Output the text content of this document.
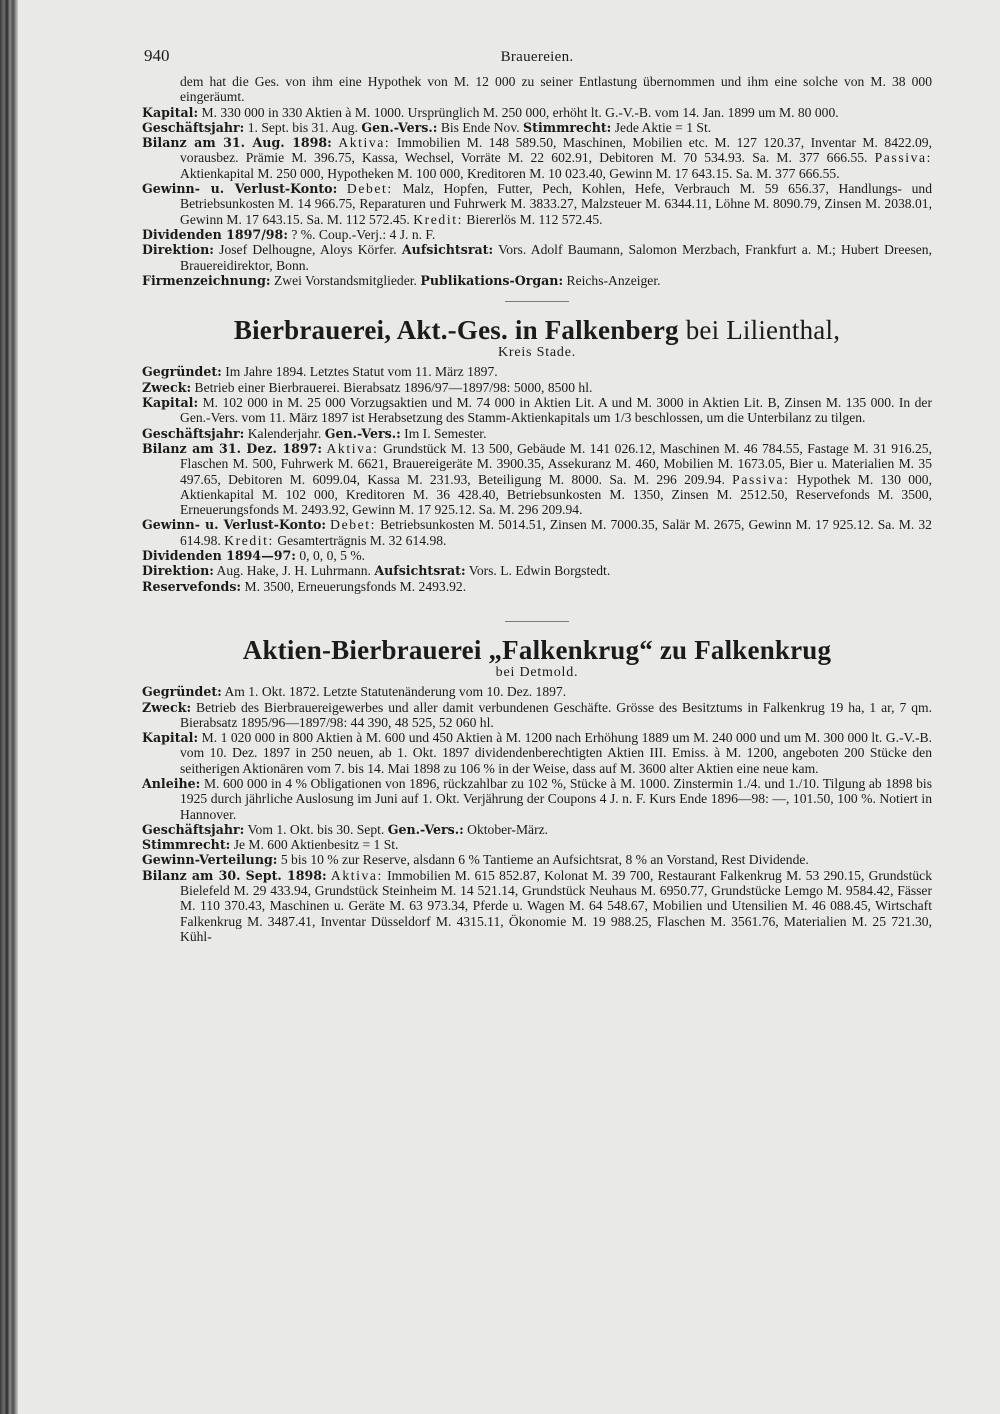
940	Brauereien.

dem hat die Ges. von ihm eine Hypothek von M. 12 000 zu seiner Entlastung übernommen und ihm eine solche von M. 38 000 eingeräumt.

Kapital: M. 330 000 in 330 Aktien à M. 1000. Ursprünglich M. 250 000, erhöht lt. G.-V.-B. vom 14. Jan. 1899 um M. 80 000.

Geschäftsjahr: 1. Sept. bis 31. Aug. Gen.-Vers.: Bis Ende Nov. Stimmrecht: Jede Aktie = 1 St.

Bilanz am 31. Aug. 1898: Aktiva: Immobilien M. 148 589.50, Maschinen, Mobilien etc. M. 127 120.37, Inventar M. 8422.09, vorausbez. Prämie M. 396.75, Kassa, Wechsel, Vorräte M. 22 602.91, Debitoren M. 70 534.93. Sa. M. 377 666.55. Passiva: Aktienkapital M. 250 000, Hypotheken M. 100 000, Kreditoren M. 10 023.40, Gewinn M. 17 643.15. Sa. M. 377 666.55.

Gewinn- u. Verlust-Konto: Debet: Malz, Hopfen, Futter, Pech, Kohlen, Hefe, Verbrauch M. 59 656.37, Handlungs- und Betriebsunkosten M. 14 966.75, Reparaturen und Fuhrwerk M. 3833.27, Malzsteuer M. 6344.11, Löhne M. 8090.79, Zinsen M. 2038.01, Gewinn M. 17 643.15. Sa. M. 112 572.45. Kredit: Biererlös M. 112 572.45.

Dividenden 1897/98: ? %. Coup.-Verj.: 4 J. n. F.

Direktion: Josef Delhougne, Aloys Körfer. Aufsichtsrat: Vors. Adolf Baumann, Salomon Merzbach, Frankfurt a. M.; Hubert Dreesen, Brauereidirektor, Bonn.

Firmenzeichnung: Zwei Vorstandsmitglieder. Publikations-Organ: Reichs-Anzeiger.

Bierbrauerei, Akt.-Ges. in Falkenberg bei Lilienthal,

Kreis Stade.

Gegründet: Im Jahre 1894. Letztes Statut vom 11. März 1897.

Zweck: Betrieb einer Bierbrauerei. Bierabsatz 1896/97—1897/98: 5000, 8500 hl.

Kapital: M. 102 000 in M. 25 000 Vorzugsaktien und M. 74 000 in Aktien Lit. A und M. 3000 in Aktien Lit. B, Zinsen M. 135 000. In der Gen.-Vers. vom 11. März 1897 ist Herabsetzung des Stamm-Aktienkapitals um 1/3 beschlossen, um die Unterbilanz zu tilgen.

Geschäftsjahr: Kalenderjahr. Gen.-Vers.: Im I. Semester.

Bilanz am 31. Dez. 1897: Aktiva: Grundstück M. 13 500, Gebäude M. 141 026.12, Maschinen M. 46 784.55, Fastage M. 31 916.25, Flaschen M. 500, Fuhrwerk M. 6621, Brauereigeräte M. 3900.35, Assekuranz M. 460, Mobilien M. 1673.05, Bier u. Materialien M. 35 497.65, Debitoren M. 6099.04, Kassa M. 231.93, Beteiligung M. 8000. Sa. M. 296 209.94. Passiva: Hypothek M. 130 000, Aktienkapital M. 102 000, Kreditoren M. 36 428.40, Betriebsunkosten M. 1350, Zinsen M. 2512.50, Reservefonds M. 3500, Erneuerungsfonds M. 2493.92, Gewinn M. 17 925.12. Sa. M. 296 209.94.

Gewinn- u. Verlust-Konto: Debet: Betriebsunkosten M. 5014.51, Zinsen M. 7000.35, Salär M. 2675, Gewinn M. 17 925.12. Sa. M. 32 614.98. Kredit: Gesamterträgnis M. 32 614.98.

Dividenden 1894—97: 0, 0, 0, 5 %.

Direktion: Aug. Hake, J. H. Luhrmann. Aufsichtsrat: Vors. L. Edwin Borgstedt.

Reservefonds: M. 3500, Erneuerungsfonds M. 2493.92.

Aktien-Bierbrauerei „Falkenkrug“ zu Falkenkrug

bei Detmold.

Gegründet: Am 1. Okt. 1872. Letzte Statutenänderung vom 10. Dez. 1897.

Zweck: Betrieb des Bierbrauereigewerbes und aller damit verbundenen Geschäfte. Grösse des Besitztums in Falkenkrug 19 ha, 1 ar, 7 qm. Bierabsatz 1895/96—1897/98: 44 390, 48 525, 52 060 hl.

Kapital: M. 1 020 000 in 800 Aktien à M. 600 und 450 Aktien à M. 1200 nach Erhöhung 1889 um M. 240 000 und um M. 300 000 lt. G.-V.-B. vom 10. Dez. 1897 in 250 neuen, ab 1. Okt. 1897 dividendenberechtigten Aktien III. Emiss. à M. 1200, angeboten 200 Stücke den seitherigen Aktionären vom 7. bis 14. Mai 1898 zu 106 % in der Weise, dass auf M. 3600 alter Aktien eine neue kam.

Anleihe: M. 600 000 in 4 % Obligationen von 1896, rückzahlbar zu 102 %, Stücke à M. 1000. Zinstermin 1./4. und 1./10. Tilgung ab 1898 bis 1925 durch jährliche Auslosung im Juni auf 1. Okt. Verjährung der Coupons 4 J. n. F. Kurs Ende 1896—98: —, 101.50, 100 %. Notiert in Hannover.

Geschäftsjahr: Vom 1. Okt. bis 30. Sept. Gen.-Vers.: Oktober-März.

Stimmrecht: Je M. 600 Aktienbesitz = 1 St.

Gewinn-Verteilung: 5 bis 10 % zur Reserve, alsdann 6 % Tantieme an Aufsichtsrat, 8 % an Vorstand, Rest Dividende.

Bilanz am 30. Sept. 1898: Aktiva: Immobilien M. 615 852.87, Kolonat M. 39 700, Restaurant Falkenkrug M. 53 290.15, Grundstück Bielefeld M. 29 433.94, Grundstück Steinheim M. 14 521.14, Grundstück Neuhaus M. 6950.77, Grundstücke Lemgo M. 9584.42, Fässer M. 110 370.43, Maschinen u. Geräte M. 63 973.34, Pferde u. Wagen M. 64 548.67, Mobilien und Utensilien M. 46 088.45, Wirtschaft Falkenkrug M. 3487.41, Inventar Düsseldorf M. 4315.11, Ökonomie M. 19 988.25, Flaschen M. 3561.76, Materialien M. 25 721.30, Kühl-
